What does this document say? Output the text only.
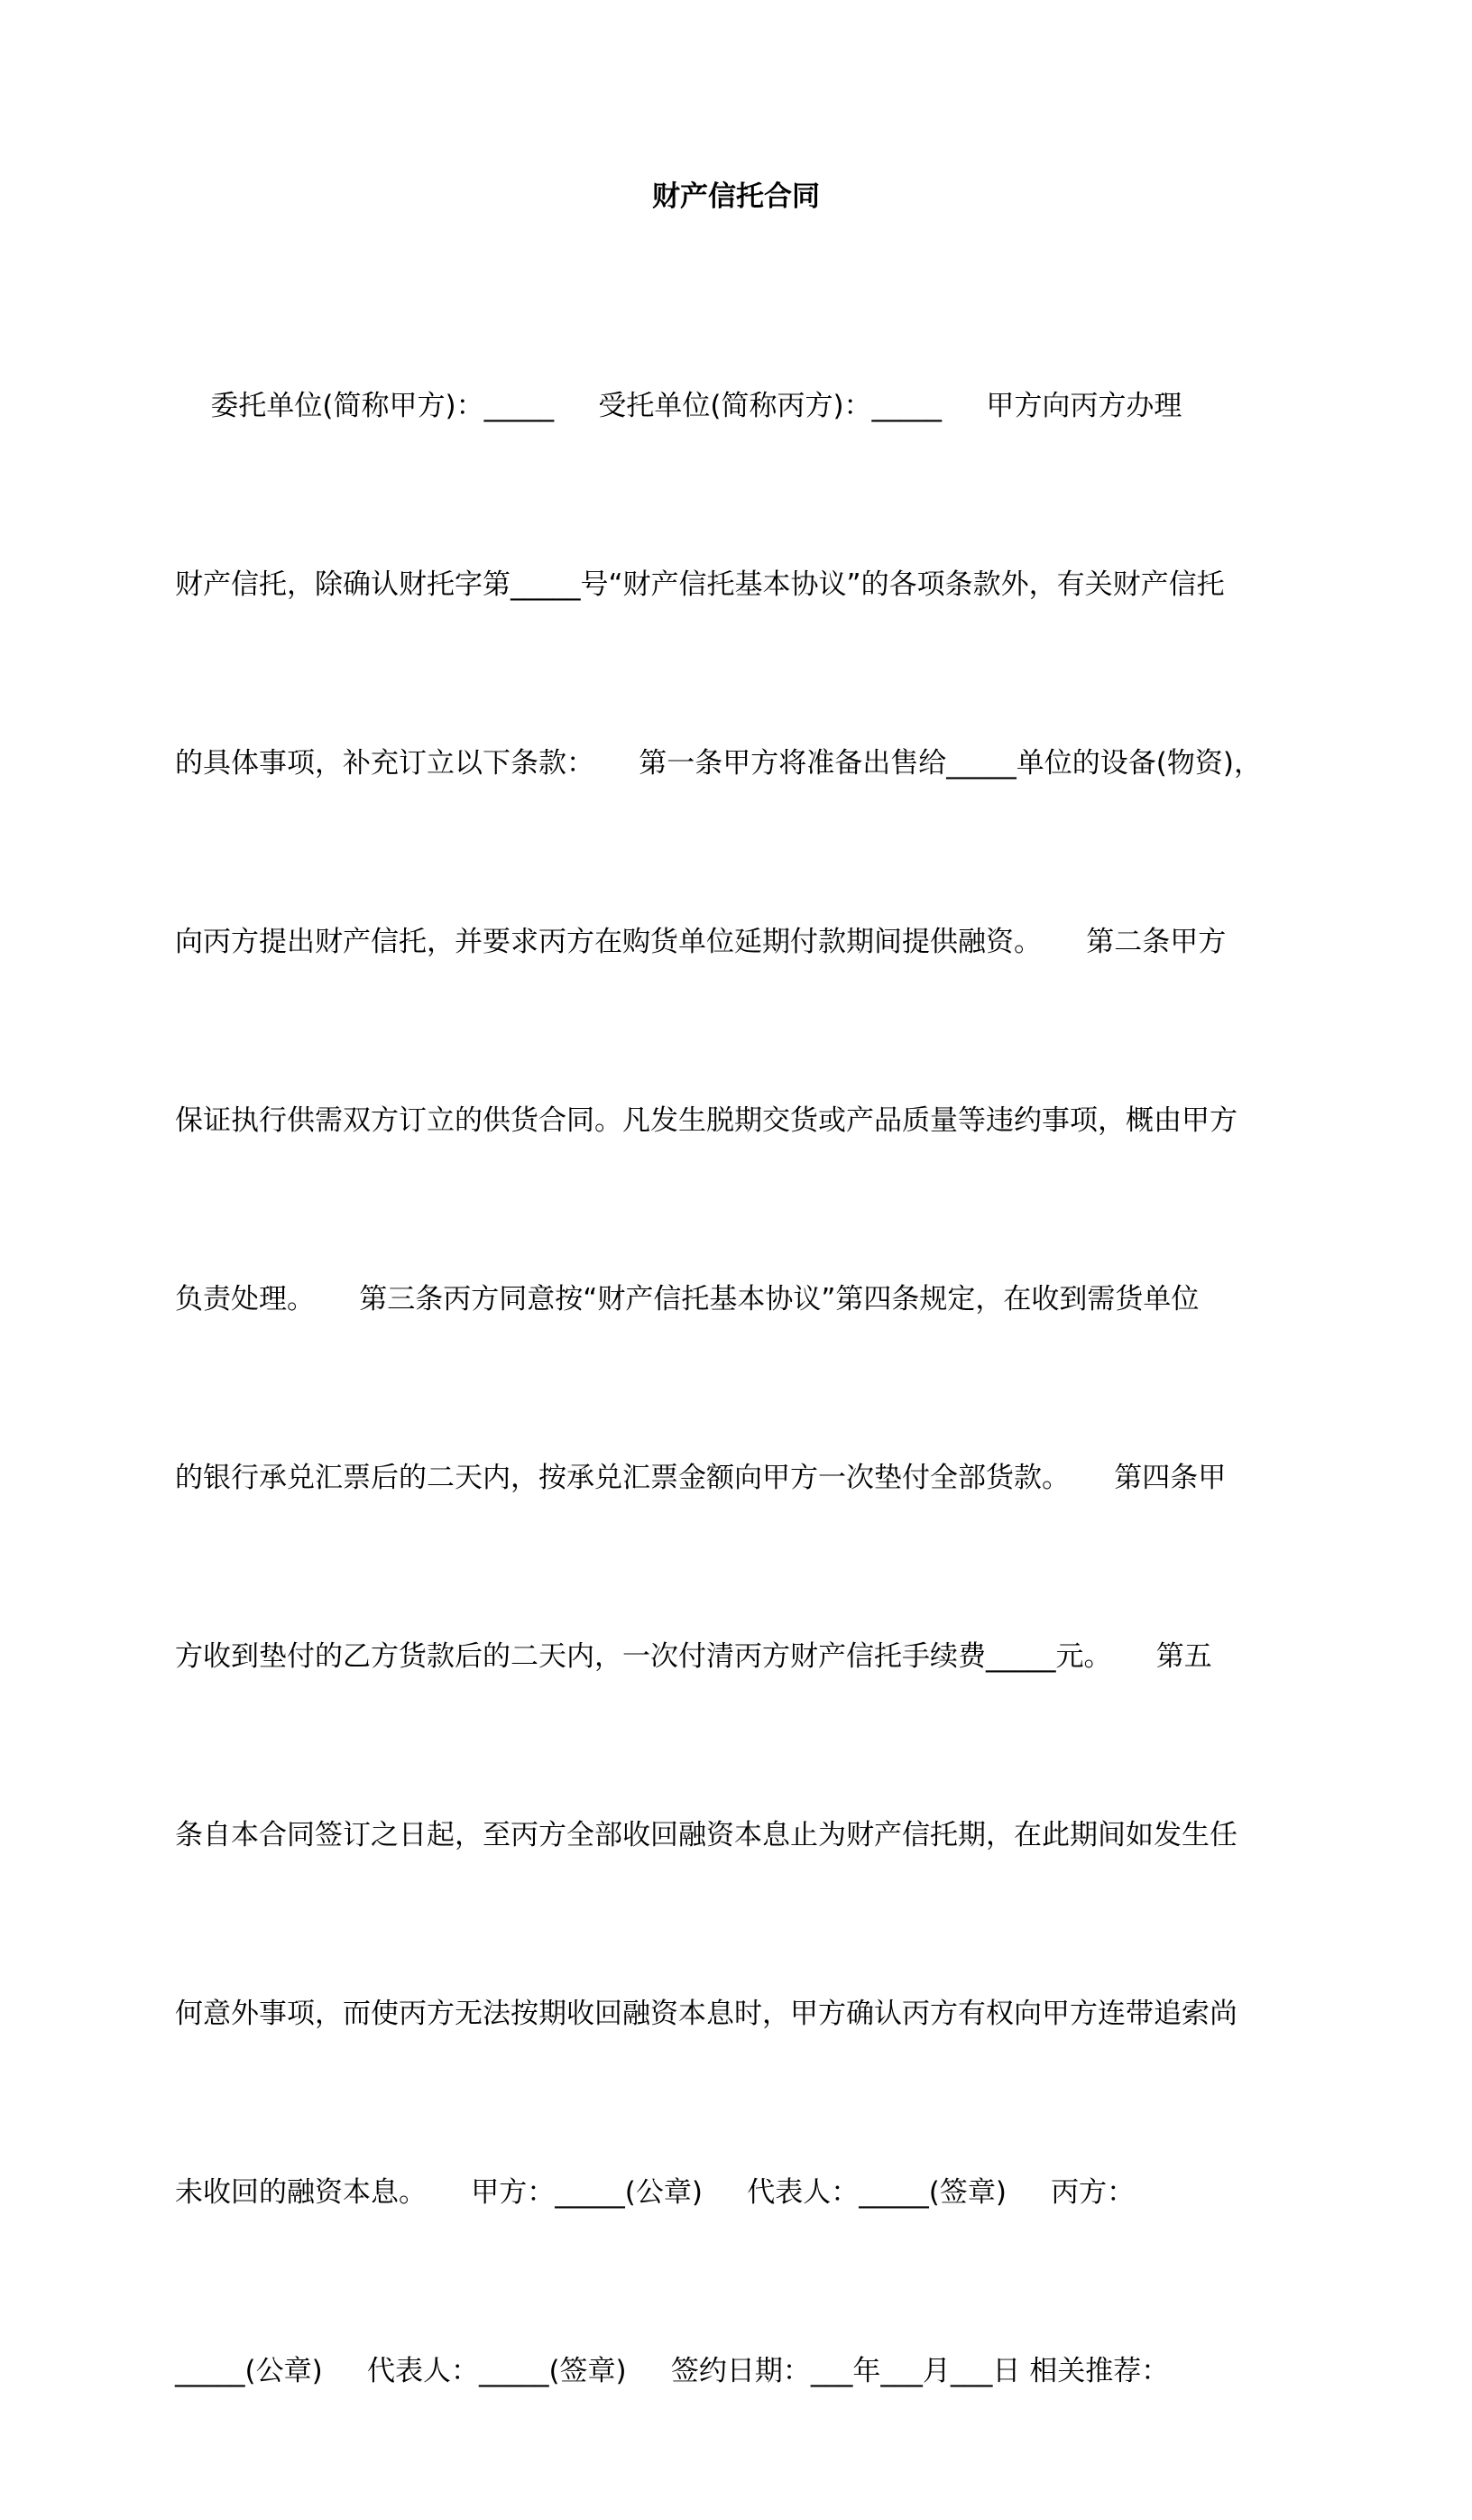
财产信托合同

委托单位(简称甲方)：_____     受托单位(简称丙方)：_____     甲方向丙方办理

财产信托，除确认财托字第_____号“财产信托基本协议”的各项条款外，有关财产信托

的具体事项，补充订立以下条款：     第一条甲方将准备出售给_____单位的设备(物资)，

向丙方提出财产信托，并要求丙方在购货单位延期付款期间提供融资。     第二条甲方

保证执行供需双方订立的供货合同。凡发生脱期交货或产品质量等违约事项，概由甲方

负责处理。     第三条丙方同意按“财产信托基本协议”第四条规定，在收到需货单位

的银行承兑汇票后的二天内，按承兑汇票金额向甲方一次垫付全部货款。     第四条甲

方收到垫付的乙方货款后的二天内，一次付清丙方财产信托手续费_____元。     第五

条自本合同签订之日起，至丙方全部收回融资本息止为财产信托期，在此期间如发生任

何意外事项，而使丙方无法按期收回融资本息时，甲方确认丙方有权向甲方连带追索尚

未收回的融资本息。     甲方：_____(公章)     代表人：_____(签章)     丙方：

_____(公章)     代表人：_____(签章)     签约日期：___年___月___日 相关推荐：
